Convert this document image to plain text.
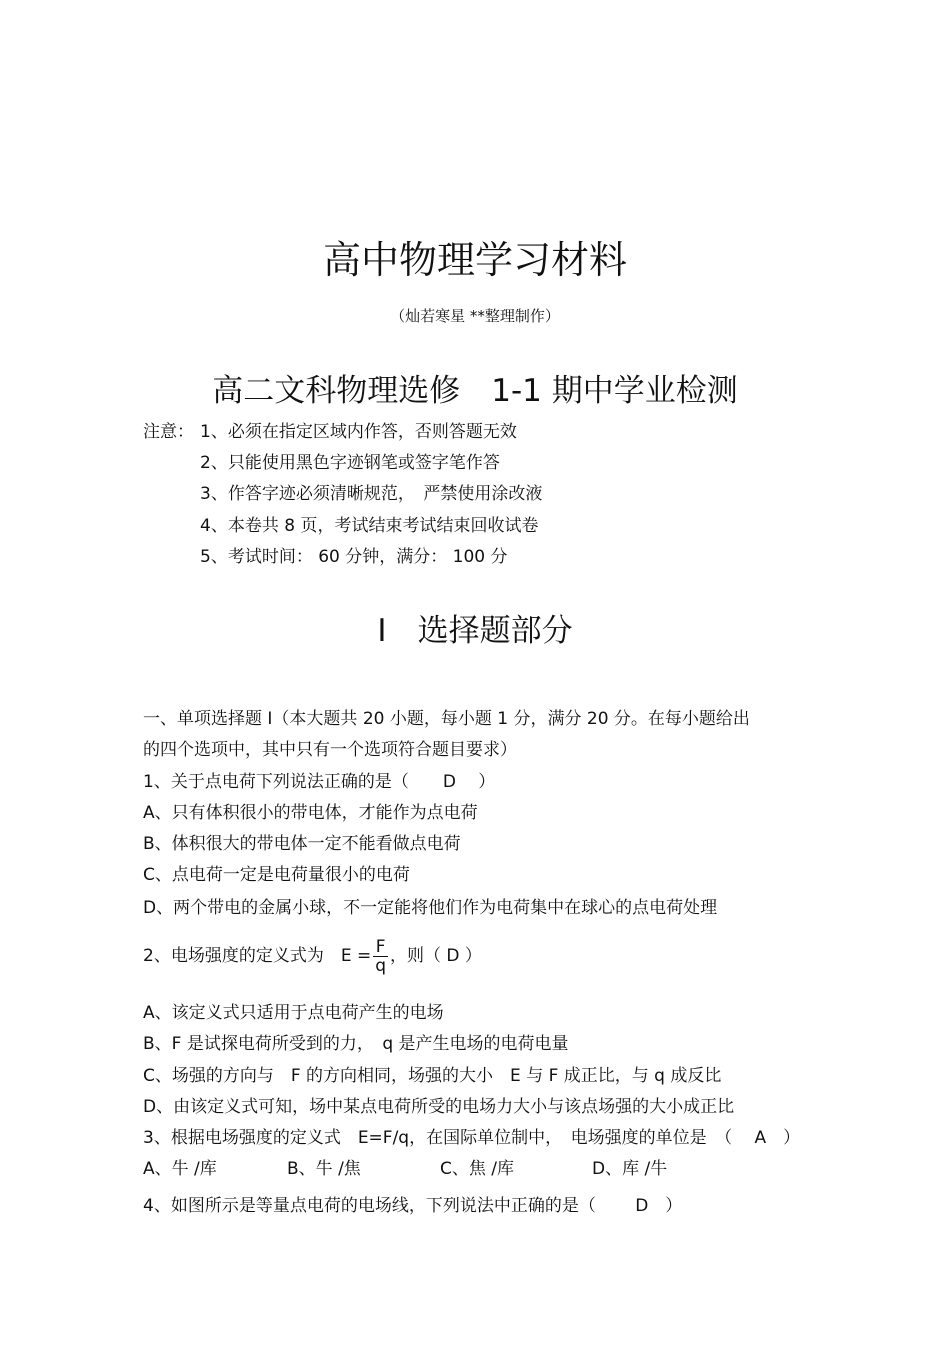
高中物理学习材料
（灿若寒星 **整理制作）
高二文科物理选修　1-1 期中学业检测
注意： 1、必须在指定区域内作答，否则答题无效
2、只能使用黑色字迹钢笔或签字笔作答
3、作答字迹必须清晰规范，　严禁使用涂改液
4、本卷共 8 页，考试结束考试结束回收试卷
5、考试时间： 60 分钟，满分： 100 分
Ⅰ　选择题部分
一、单项选择题 Ⅰ（本大题共 20 小题，每小题 1 分，满分 20 分。在每小题给出
的四个选项中，其中只有一个选项符合题目要求）
1、关于点电荷下列说法正确的是（　　D　 ）
A、只有体积很小的带电体，才能作为点电荷
B、体积很大的带电体一定不能看做点电荷
C、点电荷一定是电荷量很小的电荷
D、两个带电的金属小球，不一定能将他们作为电荷集中在球心的点电荷处理
2、电场强度的定义式为　$E = \frac{F}{q}$ ，则（ D ）
A、该定义式只适用于点电荷产生的电场
B、F 是试探电荷所受到的力，　q 是产生电场的电荷电量
C、场强的方向与　F 的方向相同，场强的大小　E 与 F 成正比，与 q 成反比
D、由该定义式可知，场中某点电荷所受的电场力大小与该点场强的大小成正比
3、根据电场强度的定义式　E=F/q，在国际单位制中，　电场强度的单位是　（　 A　）
A、牛 /库	B、牛 /焦	C、焦 /库	D、库 /牛
4、如图所示是等量点电荷的电场线，下列说法中正确的是（　　 D　）
